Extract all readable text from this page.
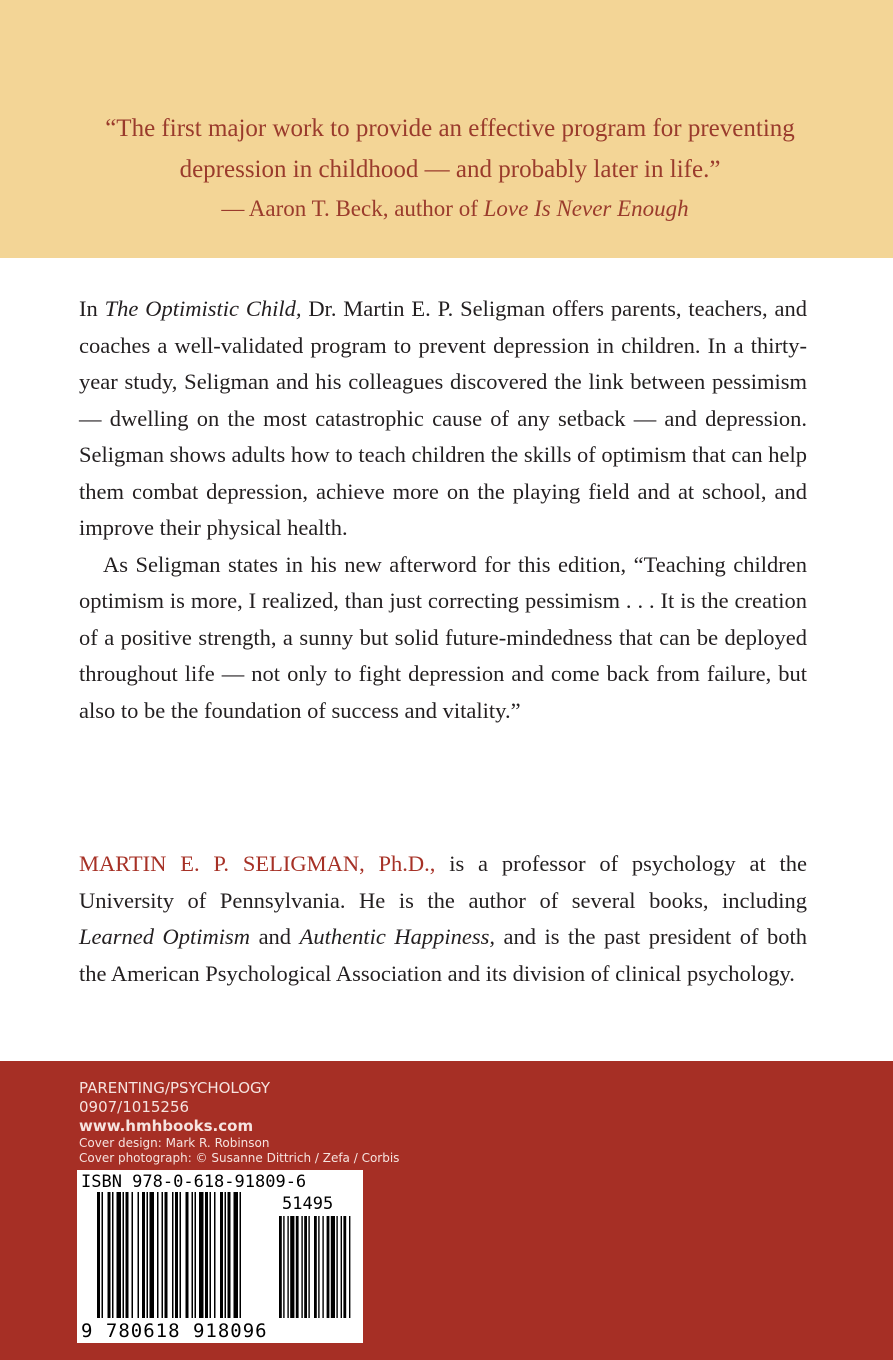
“The first major work to provide an effective program for preventing
depression in childhood — and probably later in life.”
— Aaron T. Beck, author of Love Is Never Enough

In The Optimistic Child, Dr. Martin E. P. Seligman offers parents, teachers, and coaches a well-validated program to prevent depression in children. In a thirty-year study, Seligman and his colleagues discovered the link between pessimism — dwelling on the most catastrophic cause of any setback — and depression. Seligman shows adults how to teach children the skills of optimism that can help them combat depression, achieve more on the playing field and at school, and improve their physical health.

As Seligman states in his new afterword for this edition, “Teaching children optimism is more, I realized, than just correcting pessimism . . . It is the creation of a positive strength, a sunny but solid future-mindedness that can be deployed throughout life — not only to fight depression and come back from failure, but also to be the foundation of success and vitality.”

MARTIN E. P. SELIGMAN, Ph.D., is a professor of psychology at the University of Pennsylvania. He is the author of several books, including Learned Optimism and Authentic Happiness, and is the past president of both the American Psychological Association and its division of clinical psychology.
PARENTING/PSYCHOLOGY
0907/1015256
www.hmhbooks.com
Cover design: Mark R. Robinson
Cover photograph: © Susanne Dittrich / Zefa / Corbis
ISBN 978-0-618-91809-6
51495
9 780618 918096
